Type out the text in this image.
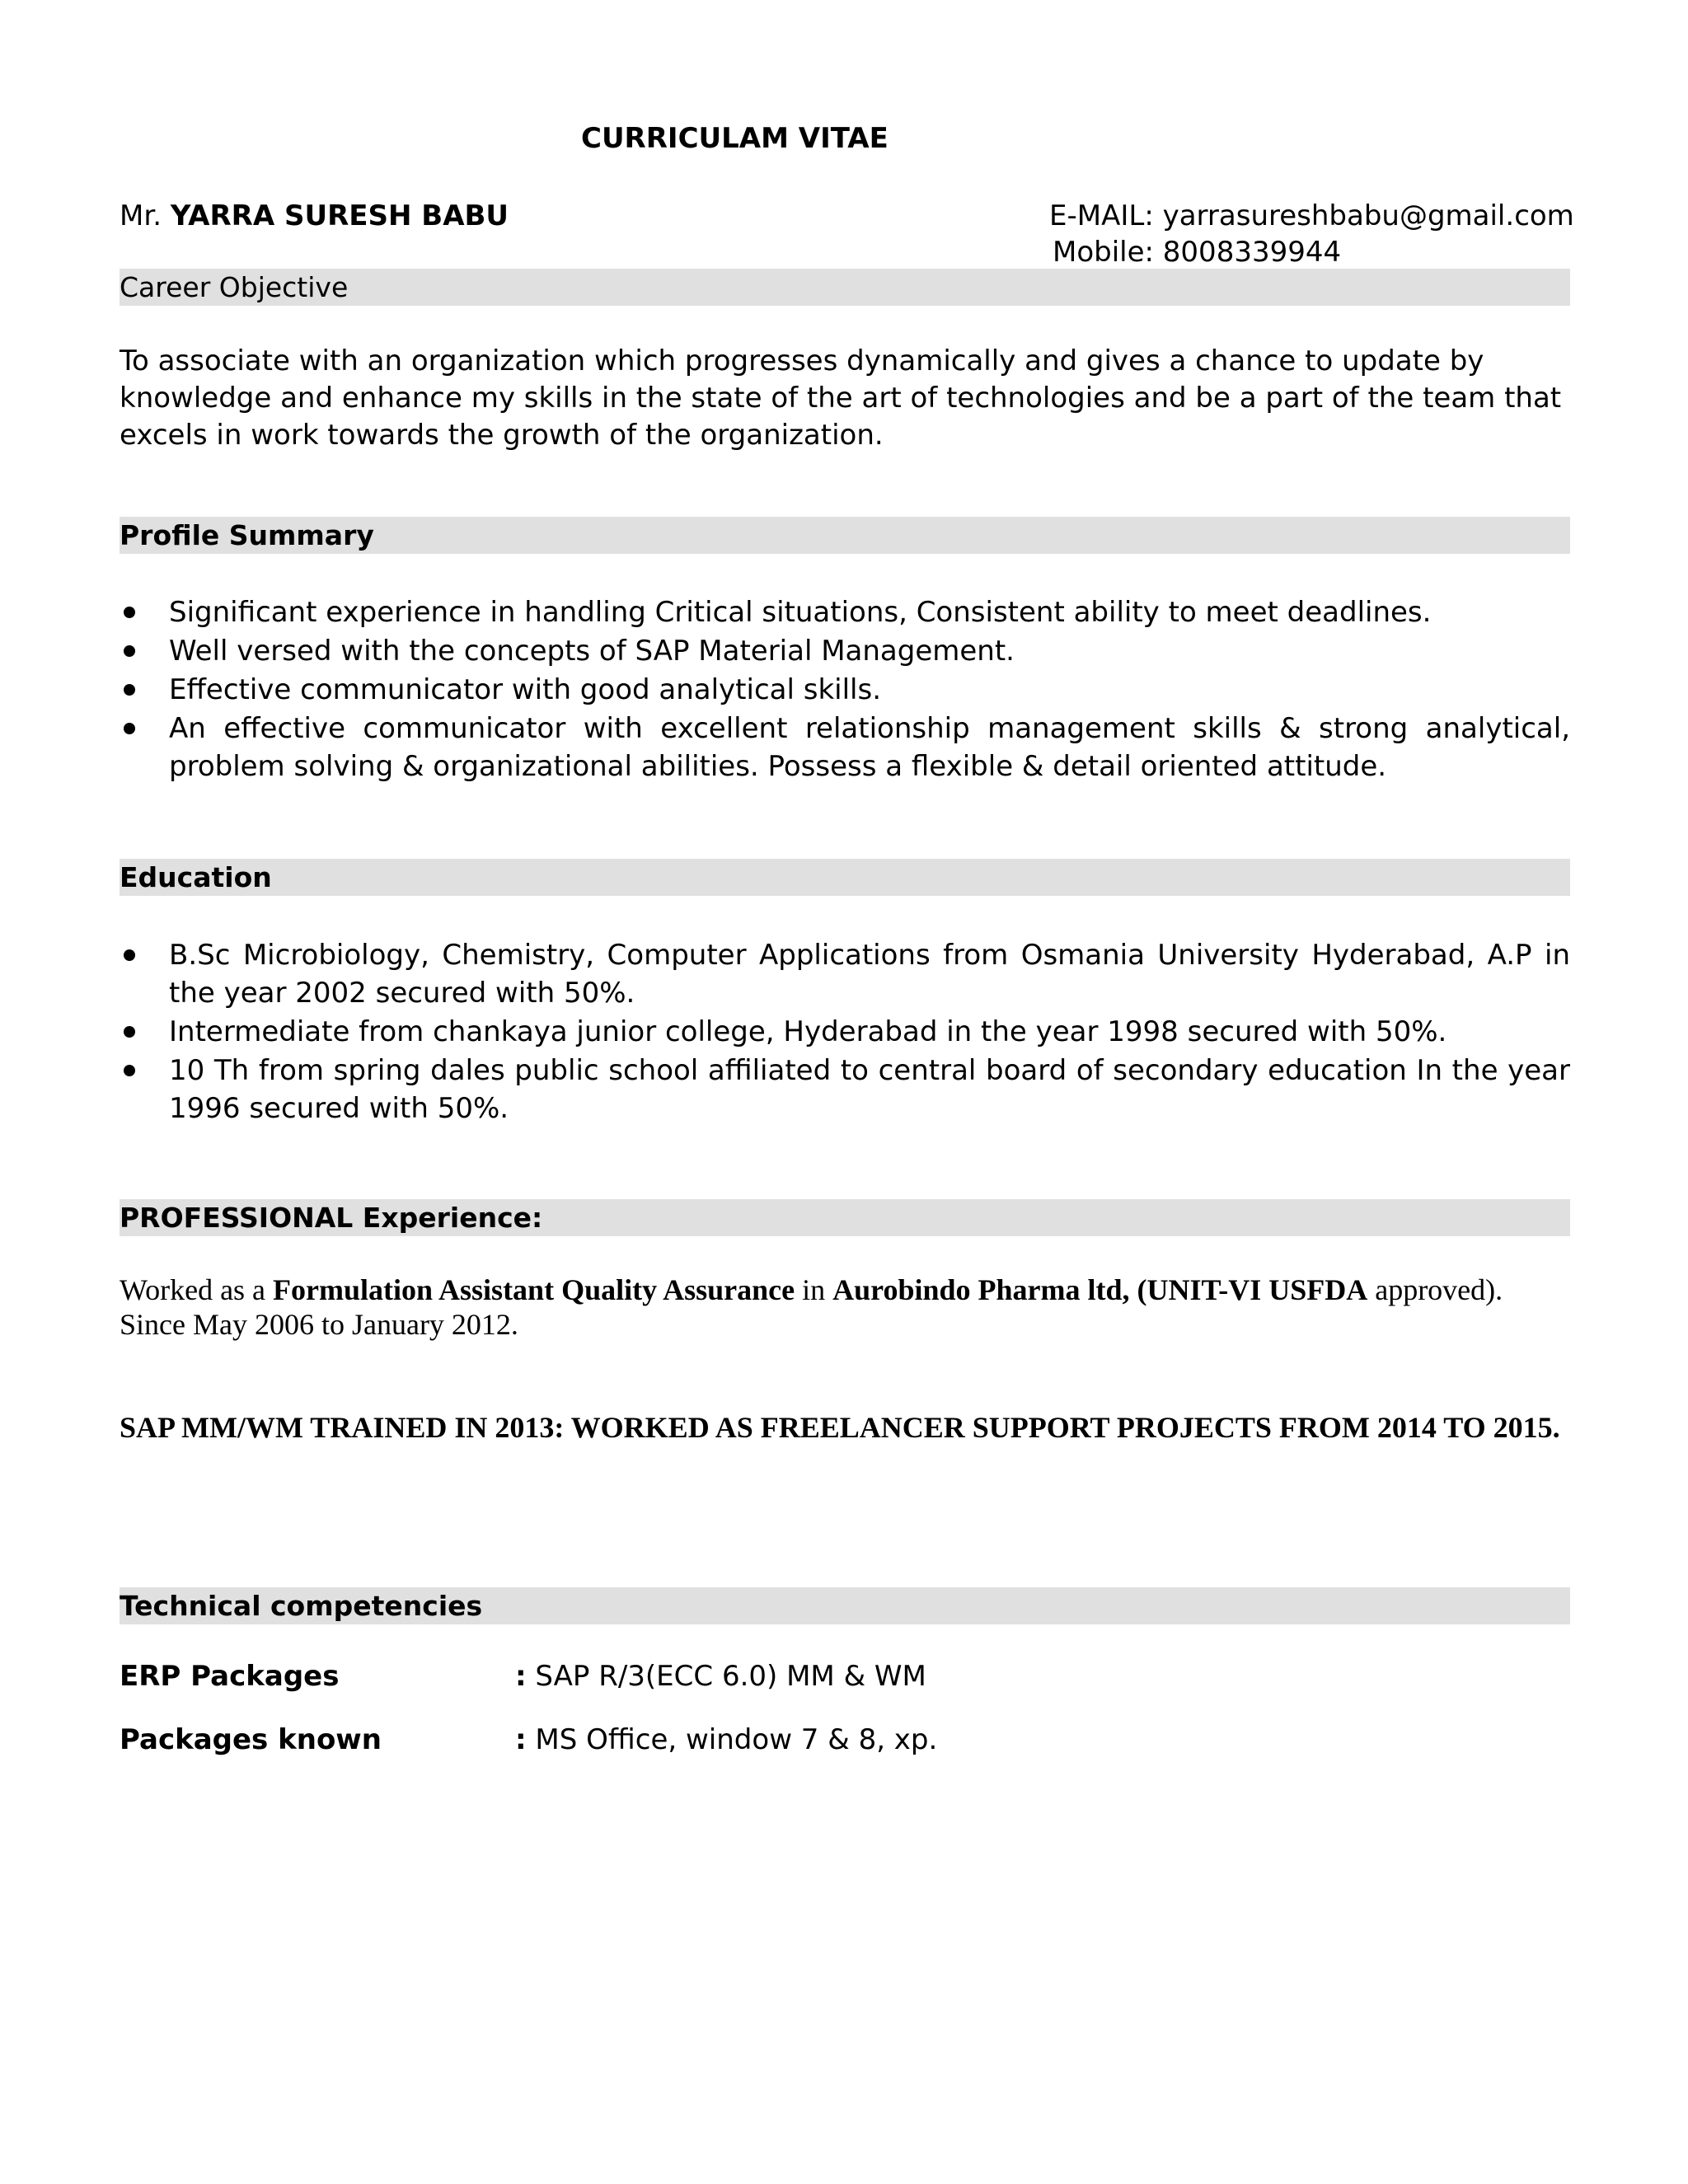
CURRICULAM VITAE
Mr. YARRA SURESH BABU	E-MAIL: yarrasureshbabu@gmail.com
Mobile: 8008339944
Career Objective
To associate with an organization which progresses dynamically and gives a chance to update by knowledge and enhance my skills in the state of the art of technologies and be a part of the team that excels in work towards the growth of the organization.
Profile Summary
Significant experience in handling Critical situations, Consistent ability to meet deadlines.
Well versed with the concepts of SAP Material Management.
Effective communicator with good analytical skills.
An effective communicator with excellent relationship management skills & strong analytical, problem solving & organizational abilities. Possess a flexible & detail oriented attitude.
Education
B.Sc Microbiology, Chemistry, Computer Applications from Osmania University Hyderabad, A.P in the year 2002 secured with 50%.
Intermediate from chankaya junior college, Hyderabad in the year 1998 secured with 50%.
10 Th from spring dales public school affiliated to central board of secondary education In the year 1996 secured with 50%.
PROFESSIONAL Experience:
Worked as a Formulation Assistant Quality Assurance in Aurobindo Pharma ltd, (UNIT-VI USFDA approved).
Since May 2006 to January 2012.
SAP MM/WM TRAINED IN 2013: WORKED AS FREELANCER SUPPORT PROJECTS FROM 2014 TO 2015.
Technical competencies
ERP Packages	: SAP R/3(ECC 6.0) MM & WM
Packages known	: MS Office, window 7 & 8, xp.
